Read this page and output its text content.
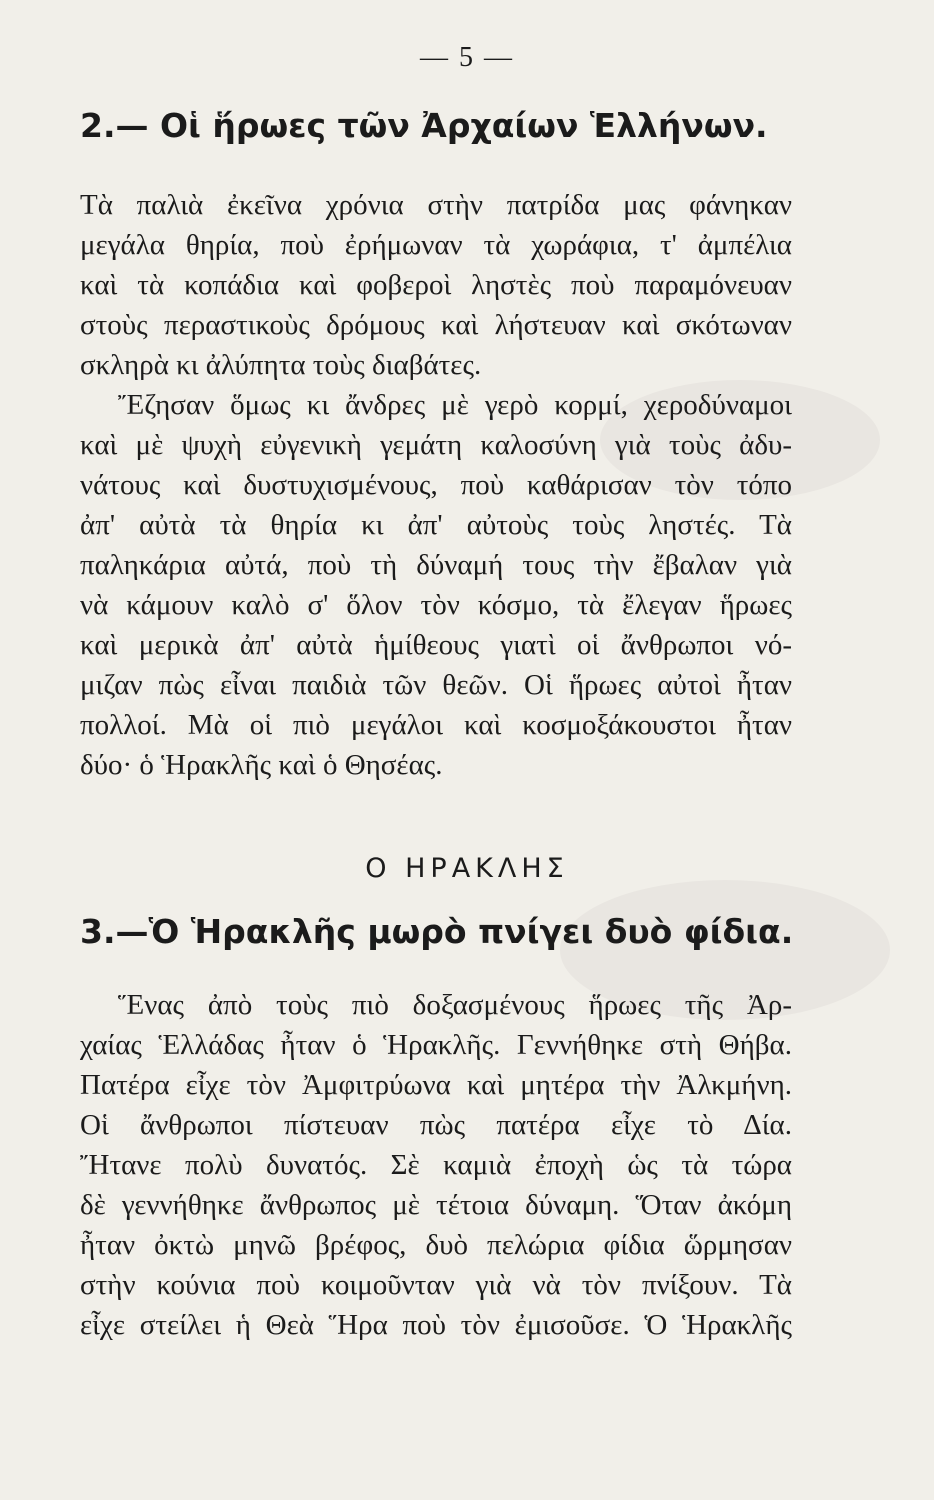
— 5 —
2.— Οἱ ἥρωες τῶν Ἀρχαίων Ἑλλήνων.
Τὰ παλιὰ ἐκεῖνα χρόνια στὴν πατρίδα μας φάνηκαν
μεγάλα θηρία, ποὺ ἐρήμωναν τὰ χωράφια, τ' ἀμπέλια
καὶ τὰ κοπάδια καὶ φοβεροὶ ληστὲς ποὺ παραμόνευαν
στοὺς περαστικοὺς δρόμους καὶ λήστευαν καὶ σκότωναν
σκληρὰ κι ἀλύπητα τοὺς διαβάτες.
Ἔζησαν ὅμως κι ἄνδρες μὲ γερὸ κορμί, χεροδύναμοι
καὶ μὲ ψυχὴ εὐγενικὴ γεμάτη καλοσύνη γιὰ τοὺς ἀδυ-
νάτους καὶ δυστυχισμένους, ποὺ καθάρισαν τὸν τόπο
ἀπ' αὐτὰ τὰ θηρία κι ἀπ' αὐτοὺς τοὺς ληστές. Τὰ
παληκάρια αὐτά, ποὺ τὴ δύναμή τους τὴν ἔβαλαν γιὰ
νὰ κάμουν καλὸ σ' ὅλον τὸν κόσμο, τὰ ἔλεγαν ἥρωες
καὶ μερικὰ ἀπ' αὐτὰ ἡμίθεους γιατὶ οἱ ἄνθρωποι νό-
μιζαν πὼς εἶναι παιδιὰ τῶν θεῶν. Οἱ ἥρωες αὐτοὶ ἦταν
πολλοί. Μὰ οἱ πιὸ μεγάλοι καὶ κοσμοξάκουστοι ἦταν
δύο· ὁ Ἡρακλῆς καὶ ὁ Θησέας.
Ο ΗΡΑΚΛΗΣ
3.—Ὁ Ἡρακλῆς μωρὸ πνίγει δυὸ φίδια.
Ἕνας ἀπὸ τοὺς πιὸ δοξασμένους ἥρωες τῆς Ἀρ-
χαίας Ἑλλάδας ἦταν ὁ Ἡρακλῆς. Γεννήθηκε στὴ Θήβα.
Πατέρα εἶχε τὸν Ἀμφιτρύωνα καὶ μητέρα τὴν Ἀλκμήνη.
Οἱ ἄνθρωποι πίστευαν πὼς πατέρα εἶχε τὸ Δία.
Ἤτανε πολὺ δυνατός. Σὲ καμιὰ ἐποχὴ ὡς τὰ τώρα
δὲ γεννήθηκε ἄνθρωπος μὲ τέτοια δύναμη. Ὅταν ἀκόμη
ἦταν ὀκτὼ μηνῶ βρέφος, δυὸ πελώρια φίδια ὥρμησαν
στὴν κούνια ποὺ κοιμοῦνταν γιὰ νὰ τὸν πνίξουν. Τὰ
εἶχε στείλει ἡ Θεὰ Ἥρα ποὺ τὸν ἐμισοῦσε. Ὁ Ἡρακλῆς
